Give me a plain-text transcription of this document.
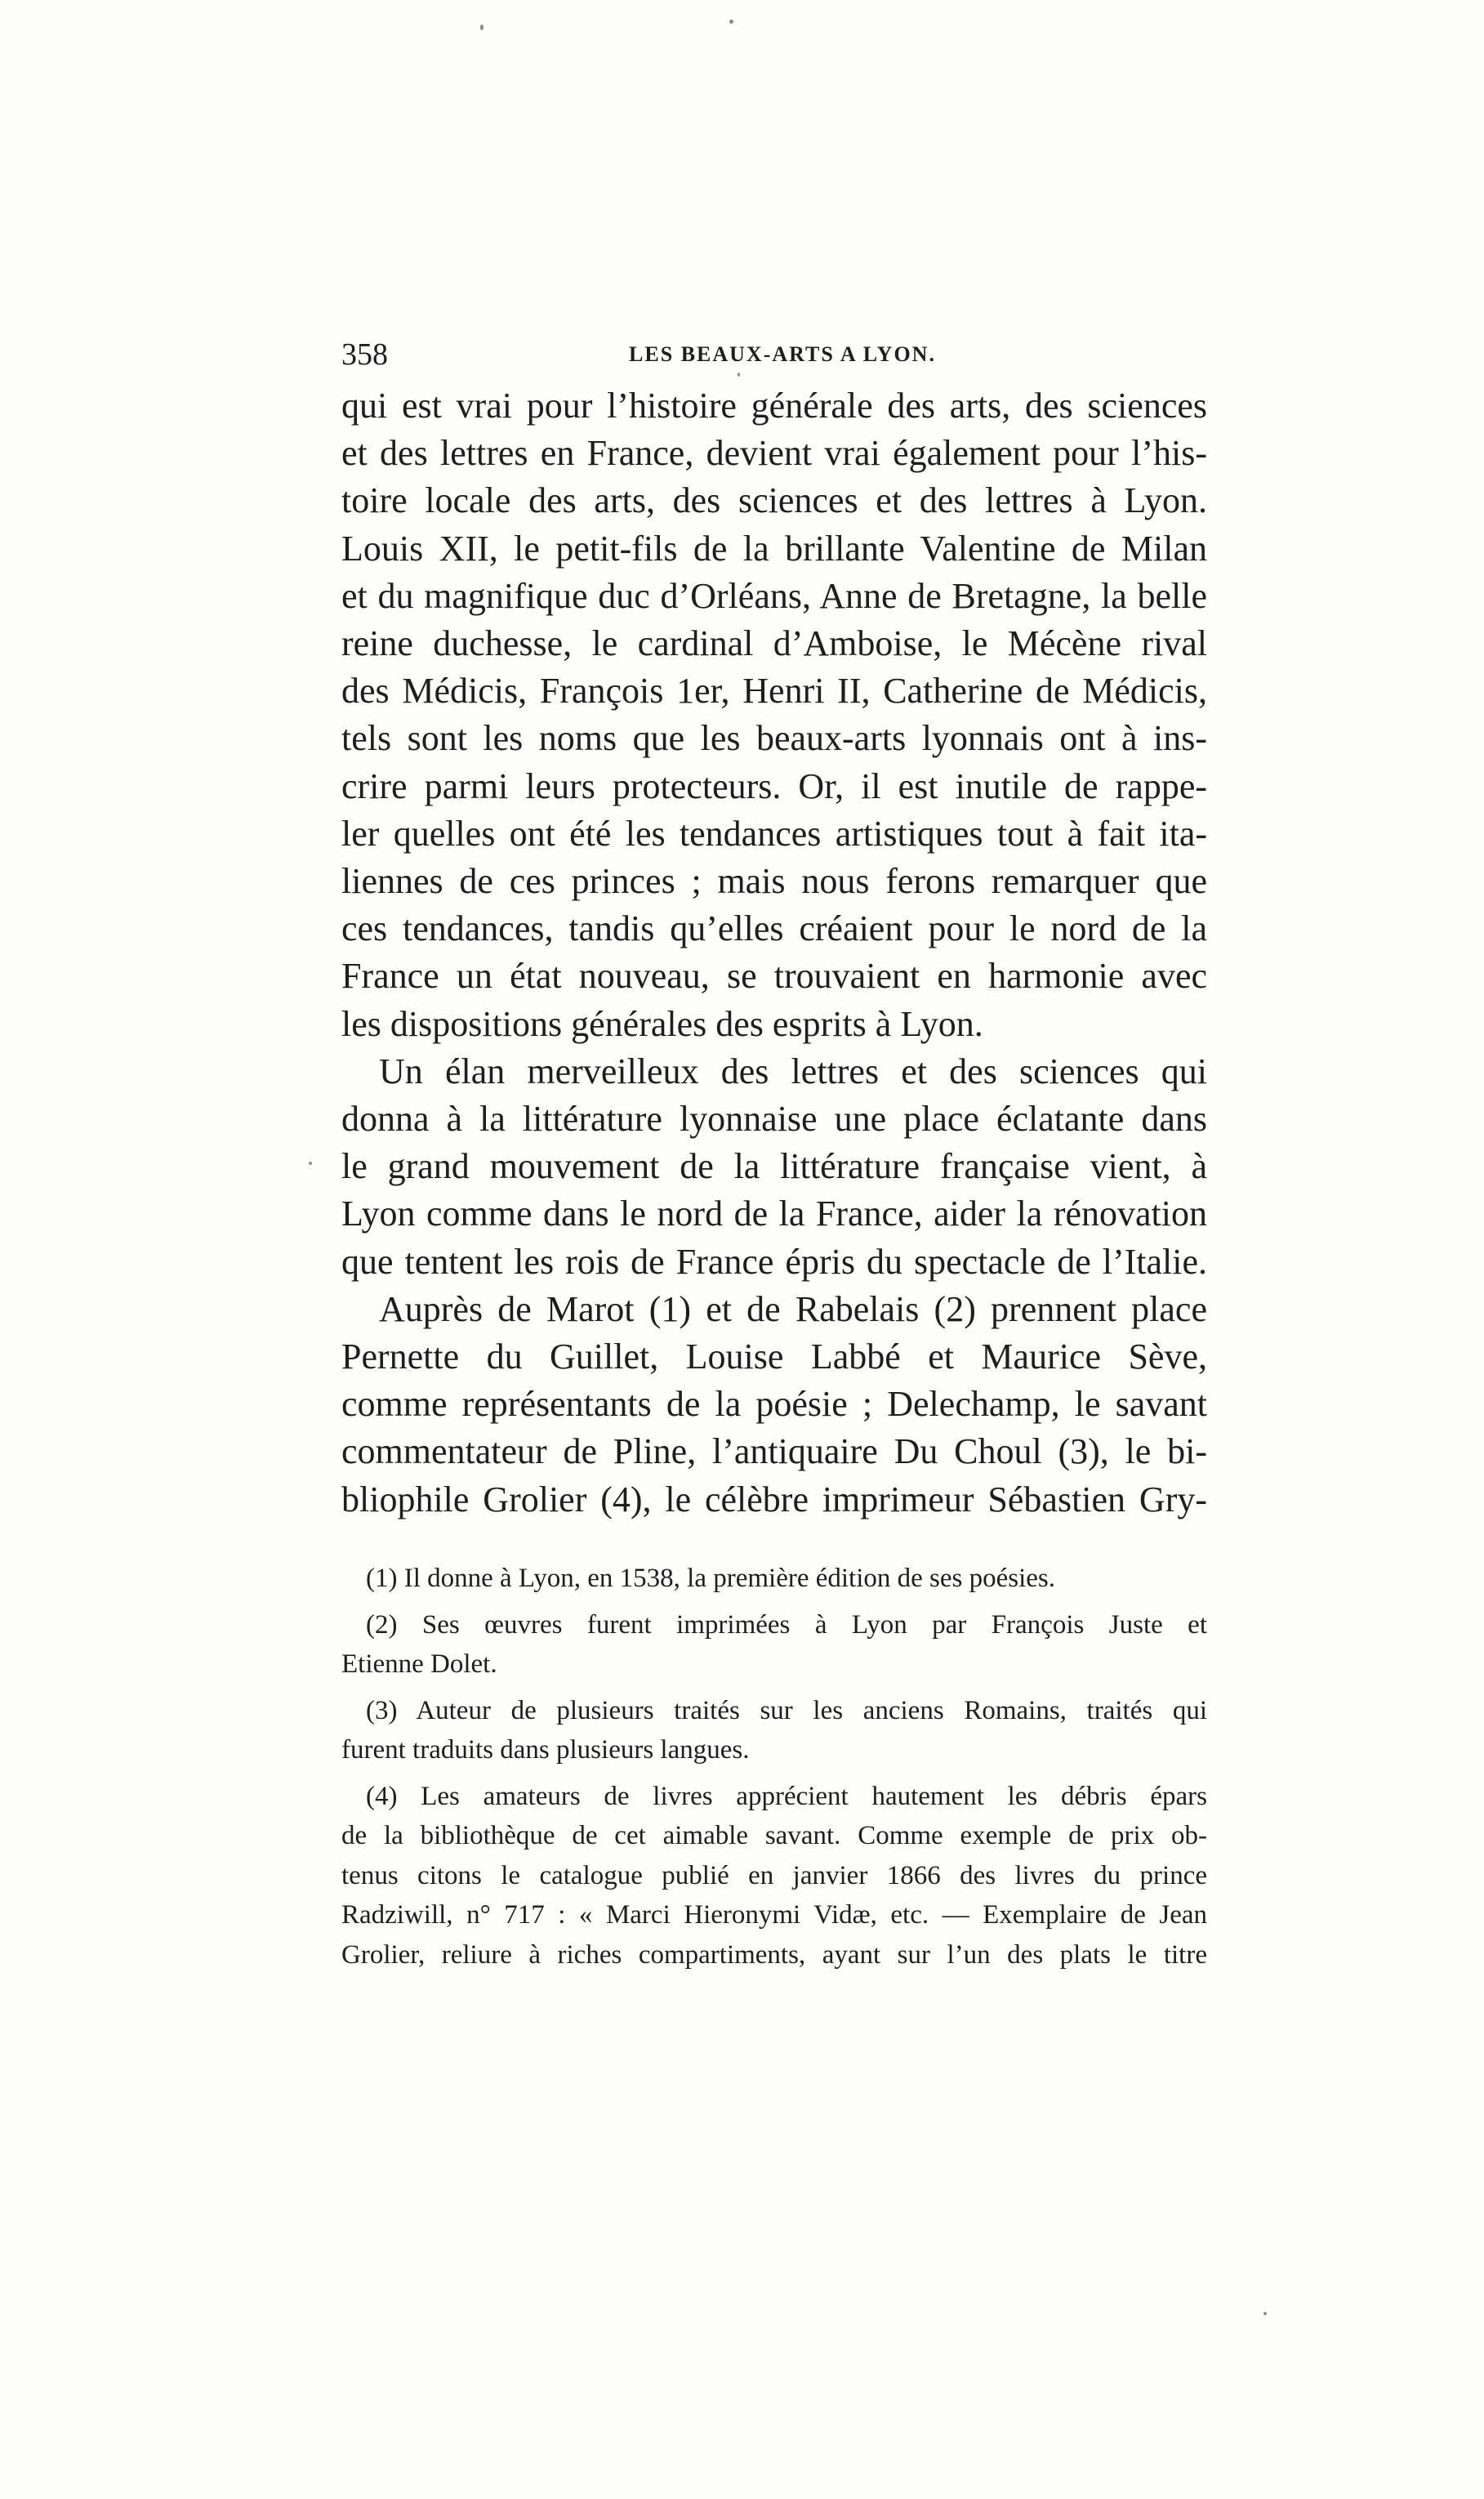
358	LES BEAUX-ARTS A LYON.

qui est vrai pour l’histoire générale des arts, des sciences
et des lettres en France, devient vrai également pour l’his-
toire locale des arts, des sciences et des lettres à Lyon.
Louis XII, le petit-fils de la brillante Valentine de Milan
et du magnifique duc d’Orléans, Anne de Bretagne, la belle
reine duchesse, le cardinal d’Amboise, le Mécène rival
des Médicis, François 1er, Henri II, Catherine de Médicis,
tels sont les noms que les beaux-arts lyonnais ont à ins-
crire parmi leurs protecteurs. Or, il est inutile de rappe-
ler quelles ont été les tendances artistiques tout à fait ita-
liennes de ces princes ; mais nous ferons remarquer que
ces tendances, tandis qu’elles créaient pour le nord de la
France un état nouveau, se trouvaient en harmonie avec
les dispositions générales des esprits à Lyon.

Un élan merveilleux des lettres et des sciences qui
donna à la littérature lyonnaise une place éclatante dans
le grand mouvement de la littérature française vient, à
Lyon comme dans le nord de la France, aider la rénovation
que tentent les rois de France épris du spectacle de l’Italie.

Auprès de Marot (1) et de Rabelais (2) prennent place
Pernette du Guillet, Louise Labbé et Maurice Sève,
comme représentants de la poésie ; Delechamp, le savant
commentateur de Pline, l’antiquaire Du Choul (3), le bi-
bliophile Grolier (4), le célèbre imprimeur Sébastien Gry-

(1) Il donne à Lyon, en 1538, la première édition de ses poésies.
(2) Ses œuvres furent imprimées à Lyon par François Juste et
Etienne Dolet.
(3) Auteur de plusieurs traités sur les anciens Romains, traités qui
furent traduits dans plusieurs langues.
(4) Les amateurs de livres apprécient hautement les débris épars
de la bibliothèque de cet aimable savant. Comme exemple de prix ob-
tenus citons le catalogue publié en janvier 1866 des livres du prince
Radziwill, n° 717 : « Marci Hieronymi Vidæ, etc. — Exemplaire de Jean
Grolier, reliure à riches compartiments, ayant sur l’un des plats le titre
